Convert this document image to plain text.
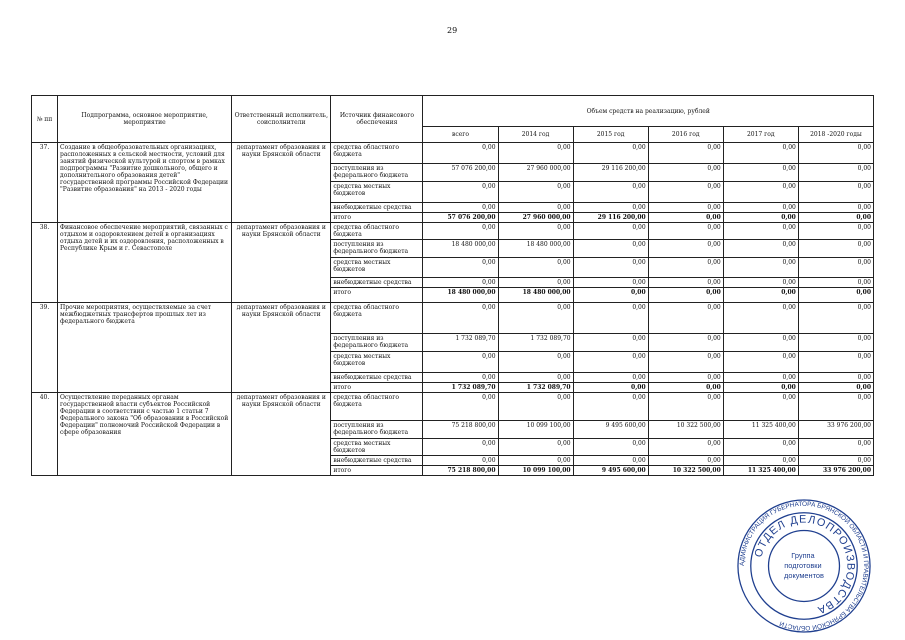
29
№ пп	Подпрограмма, основное мероприятие, мероприятие	Ответственный исполнитель, соисполнители	Источник финансового обеспечения	Объем средств на реализацию, рублей					
				всего	2014 год	2015 год	2016 год	2017 год	2018 -2020 годы
37.	Создание в общеобразовательных организациях, расположенных в сельской местности, условий для занятий физической культурой и спортом в рамках подпрограммы "Развитие дошкольного, общего и дополнительного образования детей" государственной программы Российской Федерации "Развитие образования" на 2013 - 2020 годы	департамент образования и науки Брянской области	средства областного бюджета	0,00	0,00	0,00	0,00	0,00	0,00
			поступления из федерального бюджета	57 076 200,00	27 960 000,00	29 116 200,00	0,00	0,00	0,00
			средства местных бюджетов	0,00	0,00	0,00	0,00	0,00	0,00
			внебюджетные средства	0,00	0,00	0,00	0,00	0,00	0,00
			итого	57 076 200,00	27 960 000,00	29 116 200,00	0,00	0,00	0,00
38.	Финансовое обеспечение мероприятий, связанных с отдыхом и оздоровлением детей в организациях отдыха детей и их оздоровления, расположенных в Республике Крым и г. Севастополе	департамент образования и науки Брянской области	средства областного бюджета	0,00	0,00	0,00	0,00	0,00	0,00
			поступления из федерального бюджета	18 480 000,00	18 480 000,00	0,00	0,00	0,00	0,00
			средства местных бюджетов	0,00	0,00	0,00	0,00	0,00	0,00
			внебюджетные средства	0,00	0,00	0,00	0,00	0,00	0,00
			итого	18 480 000,00	18 480 000,00	0,00	0,00	0,00	0,00
39.	Прочие мероприятия, осуществляемые за счет межбюджетных трансфертов прошлых лет из федерального бюджета	департамент образования и науки Брянской области	средства областного бюджета	0,00	0,00	0,00	0,00	0,00	0,00
			поступления из федерального бюджета	1 732 089,70	1 732 089,70	0,00	0,00	0,00	0,00
			средства местных бюджетов	0,00	0,00	0,00	0,00	0,00	0,00
			внебюджетные средства	0,00	0,00	0,00	0,00	0,00	0,00
			итого	1 732 089,70	1 732 089,70	0,00	0,00	0,00	0,00
40.	Осуществление переданных органам государственной власти субъектов Российской Федерации в соответствии с частью 1 статьи 7 Федерального закона "Об образовании в Российской Федерации" полномочий Российской Федерации в сфере образования	департамент образования и науки Брянской области	средства областного бюджета	0,00	0,00	0,00	0,00	0,00	0,00
			поступления из федерального бюджета	75 218 800,00	10 099 100,00	9 495 600,00	10 322 500,00	11 325 400,00	33 976 200,00
			средства местных бюджетов	0,00	0,00	0,00	0,00	0,00	0,00
			внебюджетные средства	0,00	0,00	0,00	0,00	0,00	0,00
			итого	75 218 800,00	10 099 100,00	9 495 600,00	10 322 500,00	11 325 400,00	33 976 200,00
АДМИНИСТРАЦИЯ ГУБЕРНАТОРА БРЯНСКОЙ ОБЛАСТИ И ПРАВИТЕЛЬСТВА БРЯНСКОЙ ОБЛАСТИ
ОТДЕЛ ДЕЛОПРОИЗВОДСТВА
Группа подготовки документов
